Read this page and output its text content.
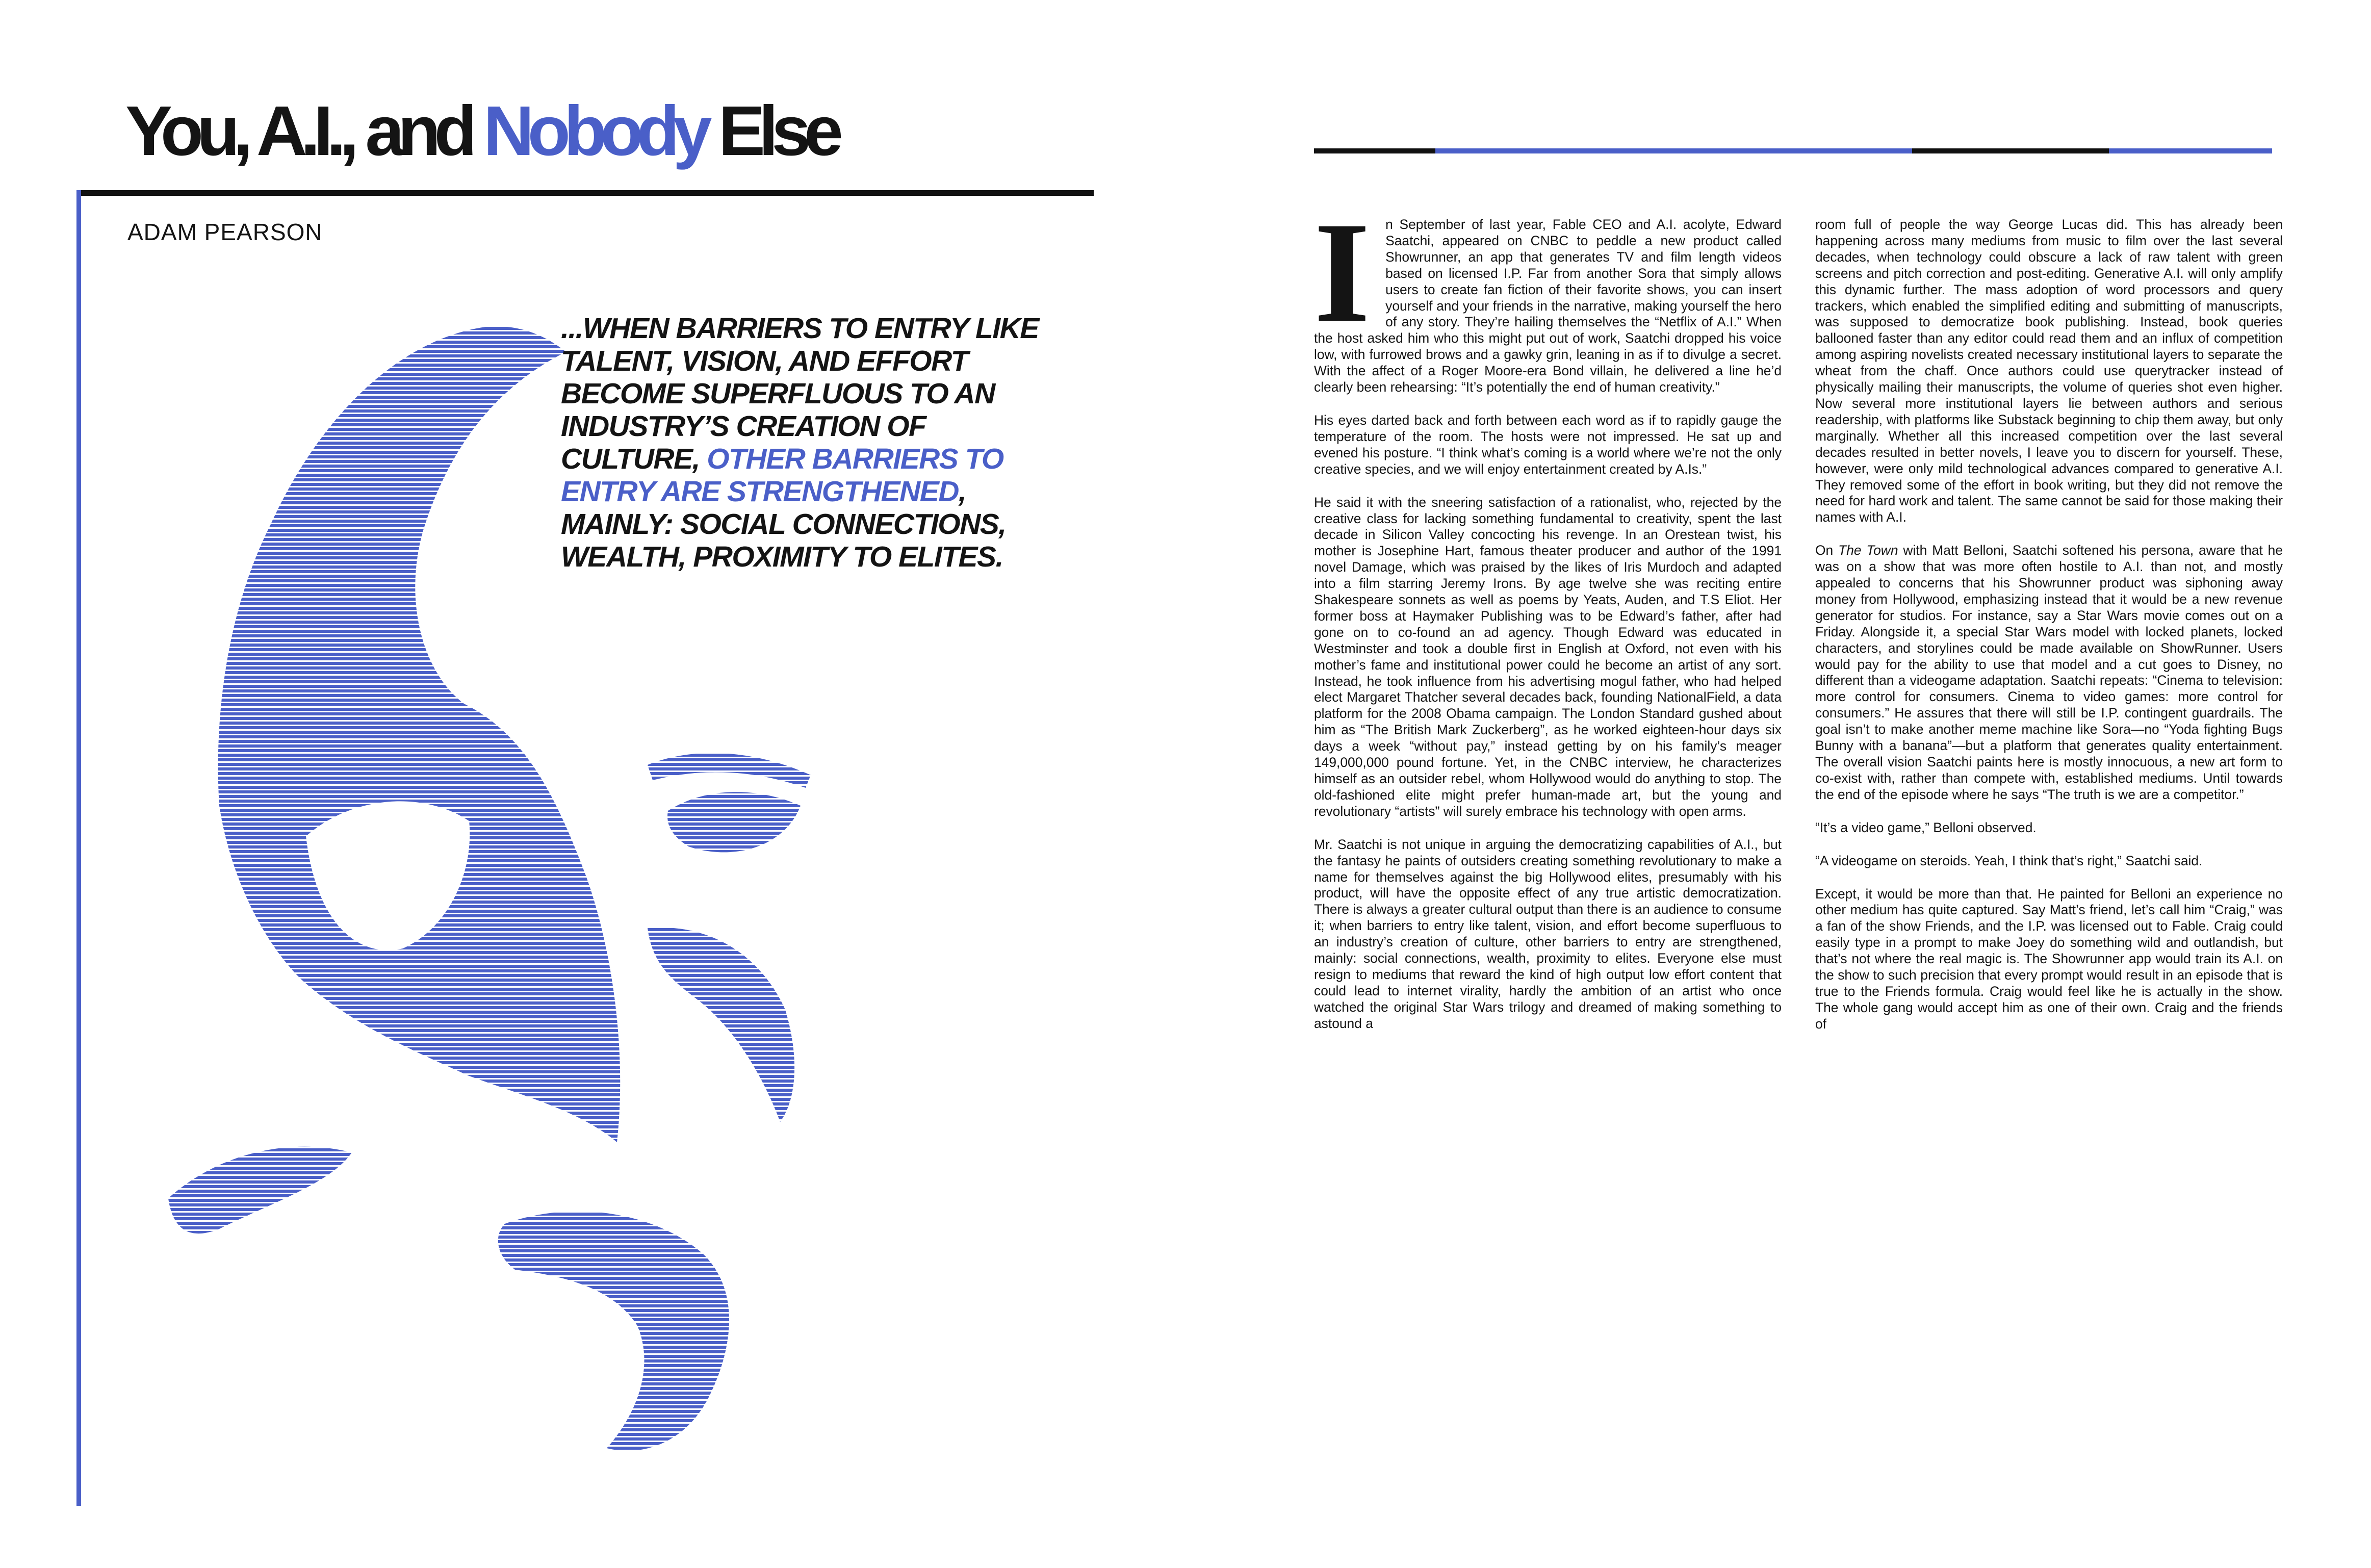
You, A.I., and Nobody Else
ADAM PEARSON
...WHEN BARRIERS TO ENTRY LIKE TALENT, VISION, AND EFFORT BECOME SUPERFLUOUS TO AN INDUSTRY’S CREATION OF CULTURE, OTHER BARRIERS TO ENTRY ARE STRENGTHENED, MAINLY: SOCIAL CONNECTIONS, WEALTH, PROXIMITY TO ELITES.

I n September of last year, Fable CEO and A.I. acolyte, Edward Saatchi, appeared on CNBC to peddle a new product called Showrunner, an app that generates TV and film length videos based on licensed I.P. Far from another Sora that simply allows users to create fan fiction of their favorite shows, you can insert yourself and your friends in the narrative, making yourself the hero of any story. They’re hailing themselves the “Netflix of A.I.” When the host asked him who this might put out of work, Saatchi dropped his voice low, with furrowed brows and a gawky grin, leaning in as if to divulge a secret. With the affect of a Roger Moore-era Bond villain, he delivered a line he’d clearly been rehearsing: “It’s potentially the end of human creativity.”

His eyes darted back and forth between each word as if to rapidly gauge the temperature of the room. The hosts were not impressed. He sat up and evened his posture. “I think what’s coming is a world where we’re not the only creative species, and we will enjoy entertainment created by A.Is.”

He said it with the sneering satisfaction of a rationalist, who, rejected by the creative class for lacking something fundamental to creativity, spent the last decade in Silicon Valley concocting his revenge. In an Orestean twist, his mother is Josephine Hart, famous theater producer and author of the 1991 novel Damage, which was praised by the likes of Iris Murdoch and adapted into a film starring Jeremy Irons. By age twelve she was reciting entire Shakespeare sonnets as well as poems by Yeats, Auden, and T.S Eliot. Her former boss at Haymaker Publishing was to be Edward’s father, after had gone on to co-found an ad agency. Though Edward was educated in Westminster and took a double first in English at Oxford, not even with his mother’s fame and institutional power could he become an artist of any sort. Instead, he took influence from his advertising mogul father, who had helped elect Margaret Thatcher several decades back, founding NationalField, a data platform for the 2008 Obama campaign. The London Standard gushed about him as “The British Mark Zuckerberg”, as he worked eighteen-hour days six days a week “without pay,” instead getting by on his family’s meager 149,000,000 pound fortune. Yet, in the CNBC interview, he characterizes himself as an outsider rebel, whom Hollywood would do anything to stop. The old-fashioned elite might prefer human-made art, but the young and revolutionary “artists” will surely embrace his technology with open arms.

Mr. Saatchi is not unique in arguing the democratizing capabilities of A.I., but the fantasy he paints of outsiders creating something revolutionary to make a name for themselves against the big Hollywood elites, presumably with his product, will have the opposite effect of any true artistic democratization. There is always a greater cultural output than there is an audience to consume it; when barriers to entry like talent, vision, and effort become superfluous to an industry’s creation of culture, other barriers to entry are strengthened, mainly: social connections, wealth, proximity to elites. Everyone else must resign to mediums that reward the kind of high output low effort content that could lead to internet virality, hardly the ambition of an artist who once watched the original Star Wars trilogy and dreamed of making something to astound a

room full of people the way George Lucas did. This has already been happening across many mediums from music to film over the last several decades, when technology could obscure a lack of raw talent with green screens and pitch correction and post-editing. Generative A.I. will only amplify this dynamic further. The mass adoption of word processors and query trackers, which enabled the simplified editing and submitting of manuscripts, was supposed to democratize book publishing. Instead, book queries ballooned faster than any editor could read them and an influx of competition among aspiring novelists created necessary institutional layers to separate the wheat from the chaff. Once authors could use querytracker instead of physically mailing their manuscripts, the volume of queries shot even higher. Now several more institutional layers lie between authors and serious readership, with platforms like Substack beginning to chip them away, but only marginally. Whether all this increased competition over the last several decades resulted in better novels, I leave you to discern for yourself. These, however, were only mild technological advances compared to generative A.I. They removed some of the effort in book writing, but they did not remove the need for hard work and talent. The same cannot be said for those making their names with A.I.

On The Town with Matt Belloni, Saatchi softened his persona, aware that he was on a show that was more often hostile to A.I. than not, and mostly appealed to concerns that his Showrunner product was siphoning away money from Hollywood, emphasizing instead that it would be a new revenue generator for studios. For instance, say a Star Wars movie comes out on a Friday. Alongside it, a special Star Wars model with locked planets, locked characters, and storylines could be made available on ShowRunner. Users would pay for the ability to use that model and a cut goes to Disney, no different than a videogame adaptation. Saatchi repeats: “Cinema to television: more control for consumers. Cinema to video games: more control for consumers.” He assures that there will still be I.P. contingent guardrails. The goal isn’t to make another meme machine like Sora—no “Yoda fighting Bugs Bunny with a banana”—but a platform that generates quality entertainment. The overall vision Saatchi paints here is mostly innocuous, a new art form to co-exist with, rather than compete with, established mediums. Until towards the end of the episode where he says “The truth is we are a competitor.”

“It’s a video game,” Belloni observed.

“A videogame on steroids. Yeah, I think that’s right,” Saatchi said.

Except, it would be more than that. He painted for Belloni an experience no other medium has quite captured. Say Matt’s friend, let’s call him “Craig,” was a fan of the show Friends, and the I.P. was licensed out to Fable. Craig could easily type in a prompt to make Joey do something wild and outlandish, but that’s not where the real magic is. The Showrunner app would train its A.I. on the show to such precision that every prompt would result in an episode that is true to the Friends formula. Craig would feel like he is actually in the show. The whole gang would accept him as one of their own. Craig and the friends of
